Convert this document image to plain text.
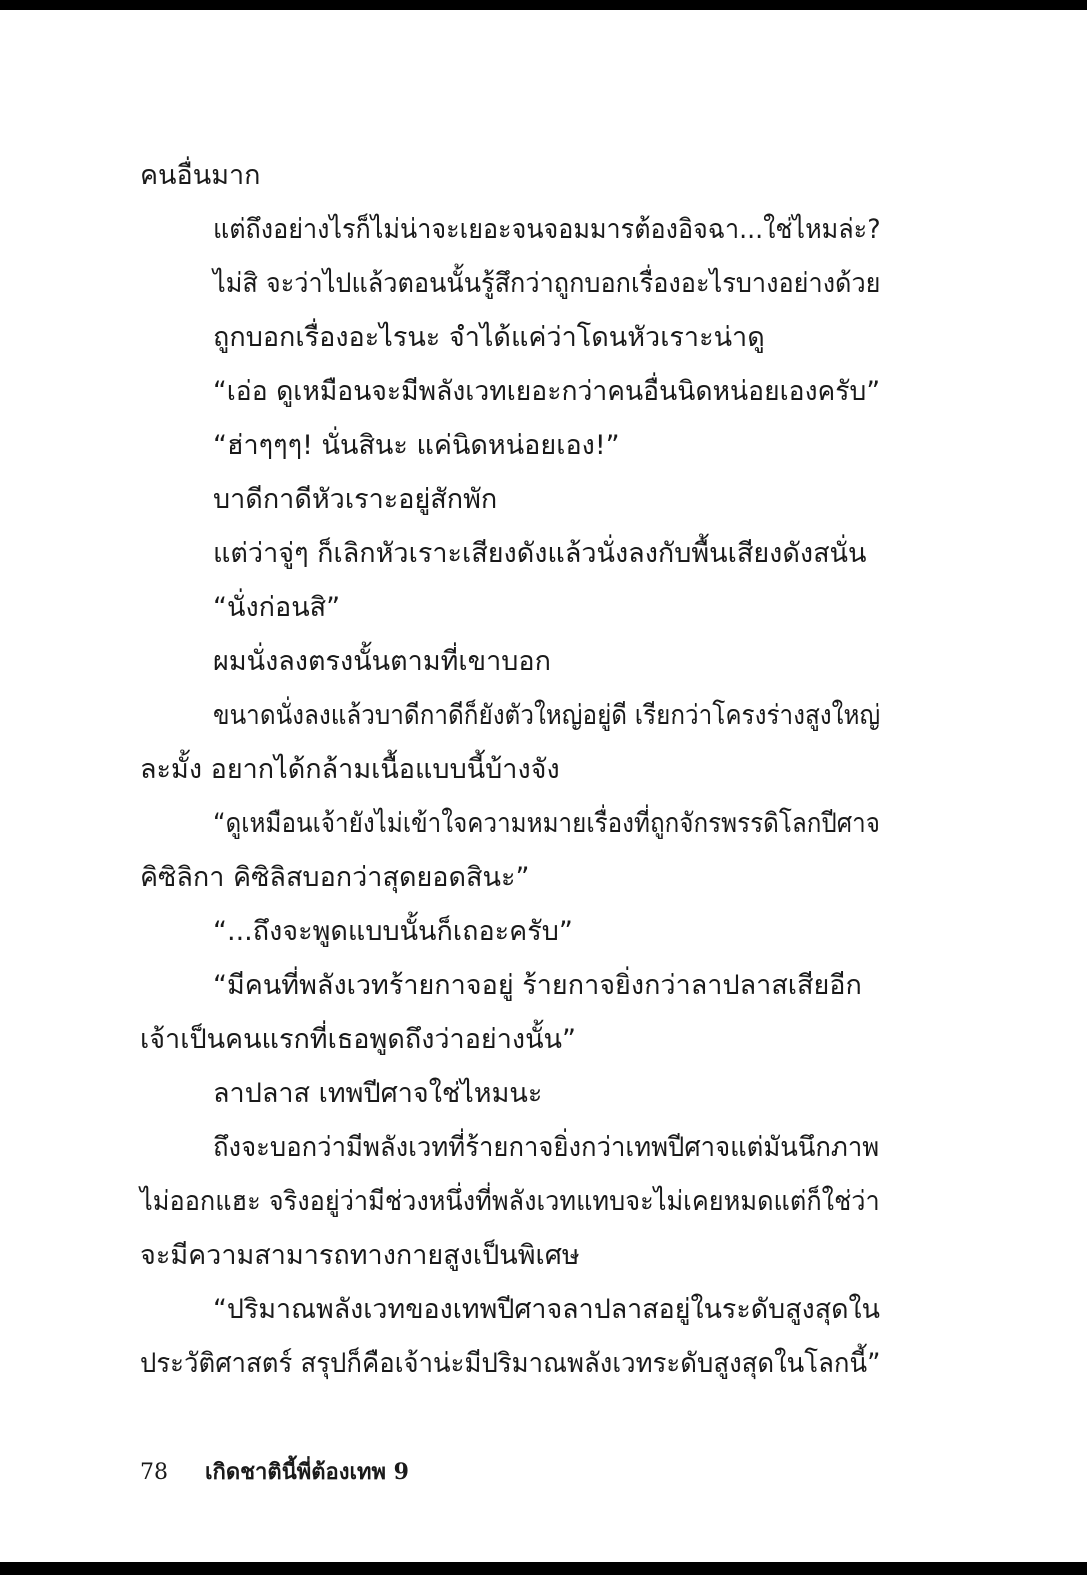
คนอื่นมาก
แต่ถึงอย่างไรก็ไม่น่าจะเยอะจนจอมมารต้องอิจฉา...ใช่ไหมล่ะ?
ไม่สิ จะว่าไปแล้วตอนนั้นรู้สึกว่าถูกบอกเรื่องอะไรบางอย่างด้วย
ถูกบอกเรื่องอะไรนะ จำได้แค่ว่าโดนหัวเราะน่าดู
“เอ่อ ดูเหมือนจะมีพลังเวทเยอะกว่าคนอื่นนิดหน่อยเองครับ”
“ฮ่าๆๆๆ! นั่นสินะ แค่นิดหน่อยเอง!”
บาดีกาดีหัวเราะอยู่สักพัก
แต่ว่าจู่ๆ ก็เลิกหัวเราะเสียงดังแล้วนั่งลงกับพื้นเสียงดังสนั่น
“นั่งก่อนสิ”
ผมนั่งลงตรงนั้นตามที่เขาบอก
ขนาดนั่งลงแล้วบาดีกาดีก็ยังตัวใหญ่อยู่ดี เรียกว่าโครงร่างสูงใหญ่
ละมั้ง อยากได้กล้ามเนื้อแบบนี้บ้างจัง
“ดูเหมือนเจ้ายังไม่เข้าใจความหมายเรื่องที่ถูกจักรพรรดิโลกปีศาจ
คิซิลิกา คิซิลิสบอกว่าสุดยอดสินะ”
“...ถึงจะพูดแบบนั้นก็เถอะครับ”
“มีคนที่พลังเวทร้ายกาจอยู่ ร้ายกาจยิ่งกว่าลาปลาสเสียอีก
เจ้าเป็นคนแรกที่เธอพูดถึงว่าอย่างนั้น”
ลาปลาส เทพปีศาจใช่ไหมนะ
ถึงจะบอกว่ามีพลังเวทที่ร้ายกาจยิ่งกว่าเทพปีศาจแต่มันนึกภาพ
ไม่ออกแฮะ จริงอยู่ว่ามีช่วงหนึ่งที่พลังเวทแทบจะไม่เคยหมดแต่ก็ใช่ว่า
จะมีความสามารถทางกายสูงเป็นพิเศษ
“ปริมาณพลังเวทของเทพปีศาจลาปลาสอยู่ในระดับสูงสุดใน
ประวัติศาสตร์ สรุปก็คือเจ้าน่ะมีปริมาณพลังเวทระดับสูงสุดในโลกนี้”
78 เกิดชาตินี้พี่ต้องเทพ 9
